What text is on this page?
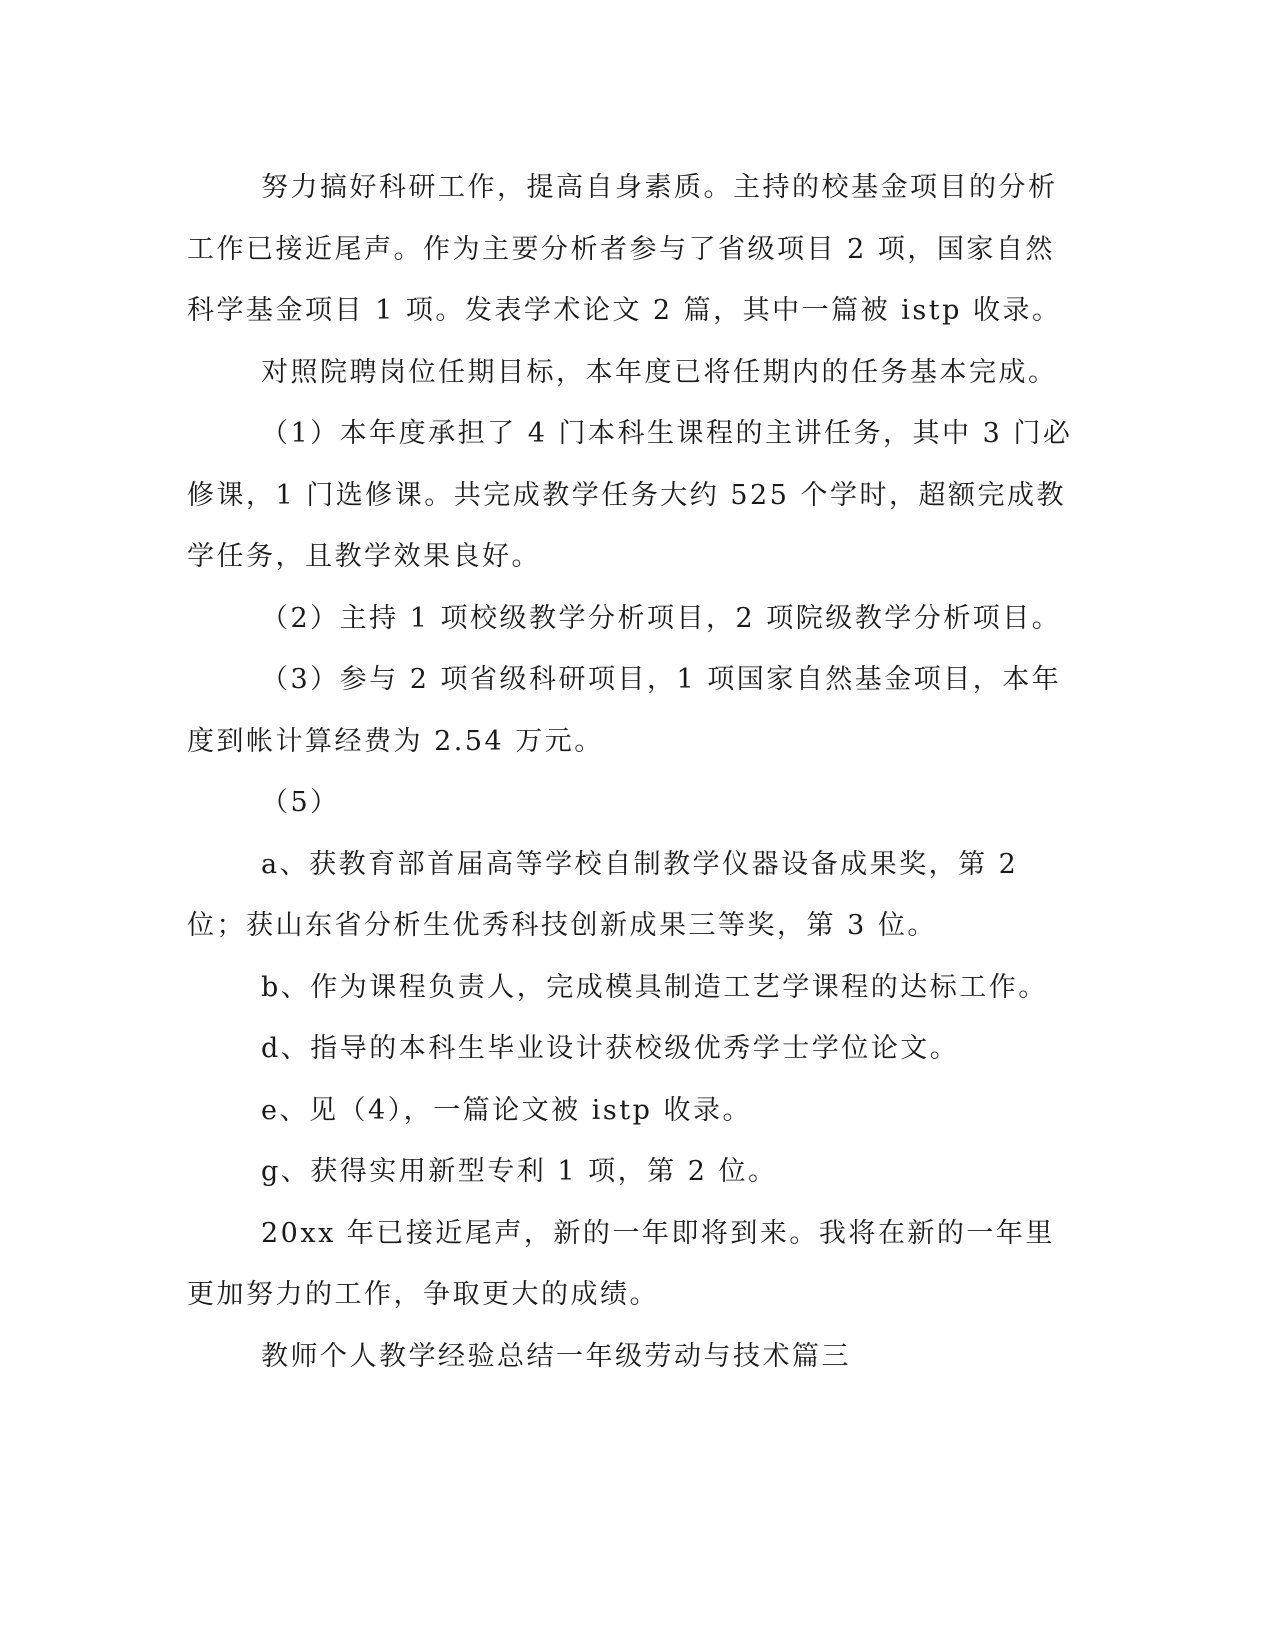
努力搞好科研工作，提高自身素质。主持的校基金项目的分析工作已接近尾声。作为主要分析者参与了省级项目 2 项，国家自然科学基金项目 1 项。发表学术论文 2 篇，其中一篇被 istp 收录。

对照院聘岗位任期目标，本年度已将任期内的任务基本完成。

（1）本年度承担了 4 门本科生课程的主讲任务，其中 3 门必修课，1 门选修课。共完成教学任务大约 525 个学时，超额完成教学任务，且教学效果良好。

（2）主持 1 项校级教学分析项目，2 项院级教学分析项目。

（3）参与 2 项省级科研项目，1 项国家自然基金项目，本年度到帐计算经费为 2.54 万元。

（5）

a、获教育部首届高等学校自制教学仪器设备成果奖，第 2 位；获山东省分析生优秀科技创新成果三等奖，第 3 位。

b、作为课程负责人，完成模具制造工艺学课程的达标工作。

d、指导的本科生毕业设计获校级优秀学士学位论文。

e、见（4），一篇论文被 istp 收录。

g、获得实用新型专利 1 项，第 2 位。

20xx 年已接近尾声，新的一年即将到来。我将在新的一年里更加努力的工作，争取更大的成绩。

教师个人教学经验总结一年级劳动与技术篇三
